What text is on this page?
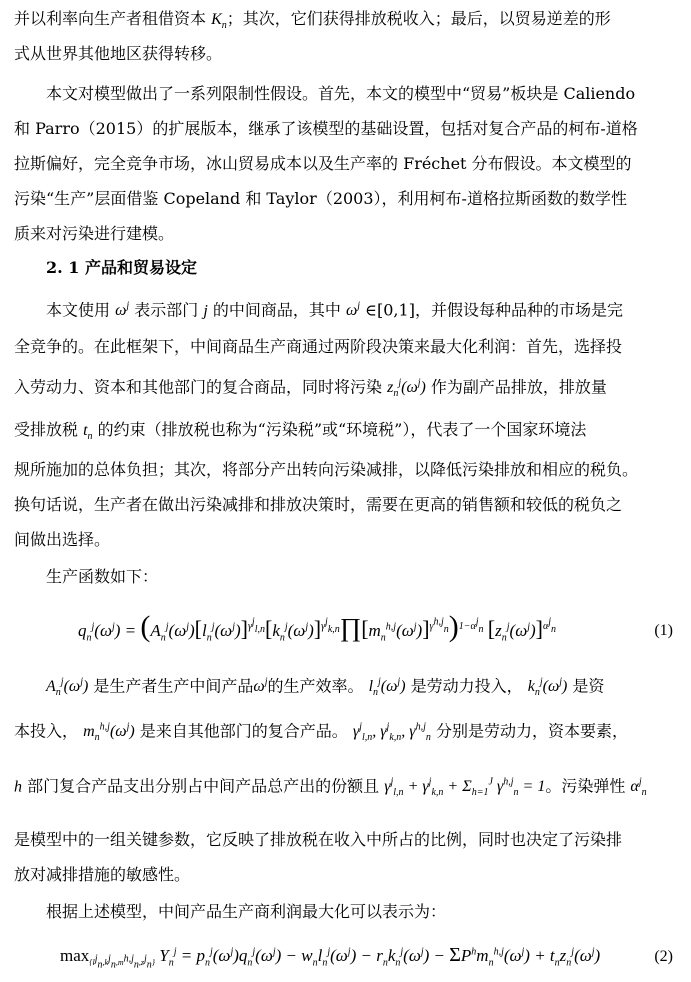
并以利率向生产者租借资本 $K_n$；其次，它们获得排放税收入；最后，以贸易逆差的形
式从世界其他地区获得转移。
本文对模型做出了一系列限制性假设。首先，本文的模型中“贸易”板块是 Caliendo
和 Parro（2015）的扩展版本，继承了该模型的基础设置，包括对复合产品的柯布-道格
拉斯偏好，完全竞争市场，冰山贸易成本以及生产率的 Fréchet 分布假设。本文模型的
污染“生产”层面借鉴 Copeland 和 Taylor（2003），利用柯布-道格拉斯函数的数学性
质来对污染进行建模。
2. 1 产品和贸易设定
本文使用 $\omega^j$ 表示部门 j 的中间商品，其中 $\omega^j$ ∈[0,1]，并假设每种品种的市场是完
全竞争的。在此框架下，中间商品生产商通过两阶段决策来最大化利润：首先，选择投
入劳动力、资本和其他部门的复合商品，同时将污染 $z_n^j(\omega^j)$ 作为副产品排放，排放量
受排放税 $t_n$ 的约束（排放税也称为“污染税”或“环境税”），代表了一个国家环境法
规所施加的总体负担；其次，将部分产出转向污染减排，以降低污染排放和相应的税负。
换句话说，生产者在做出污染减排和排放决策时，需要在更高的销售额和较低的税负之
间做出选择。
生产函数如下：
$q_n^j(\omega^j)$ = $(A_n^j(\omega^j)[l_n^j(\omega^j)]^{\gamma^j_{l,n}}[k_n^j(\omega^j)]^{\gamma^j_{k,n}}\prod[m_n^{h,j}(\omega^j)]^{\gamma^{h,j}_n})^{1-\alpha^j_n}$ $[z_n^j(\omega^j)]^{\alpha^j_n}$	(1)
$A_n^j(\omega^j)$ 是生产者生产中间产品$\omega^j$的生产效率。 $l_n^j(\omega^j)$ 是劳动力投入， $k_n^j(\omega^j)$ 是资
本投入， $m_n^{h,j}(\omega^j)$ 是来自其他部门的复合产品。 $\gamma^j_{l,n}$, $\gamma^j_{k,n}$, $\gamma^{h,j}_n$ 分别是劳动力，资本要素，
h 部门复合产品支出分别占中间产品总产出的份额且 $\gamma^j_{l,n} + \gamma^j_{k,n} + \Sigma_{h=1}^J$ $\gamma^{h,j}_n = 1$。污染弹性 $\alpha^j_n$
是模型中的一组关键参数，它反映了排放税在收入中所占的比例，同时也决定了污染排
放对减排措施的敏感性。
根据上述模型，中间产品生产商利润最大化可以表示为：
$\max_{\{l^j_n,k^j_n,m^{h,j}_n,z^j_n\}} \Upsilon_n^j = p_n^j(\omega^j)q_n^j(\omega^j) - w_nl_n^j(\omega^j) - r_nk_n^j(\omega^j) - \Sigma P^hm_n^{h,j}(\omega^j) + t_nz_n^j(\omega^j)$	(2)
